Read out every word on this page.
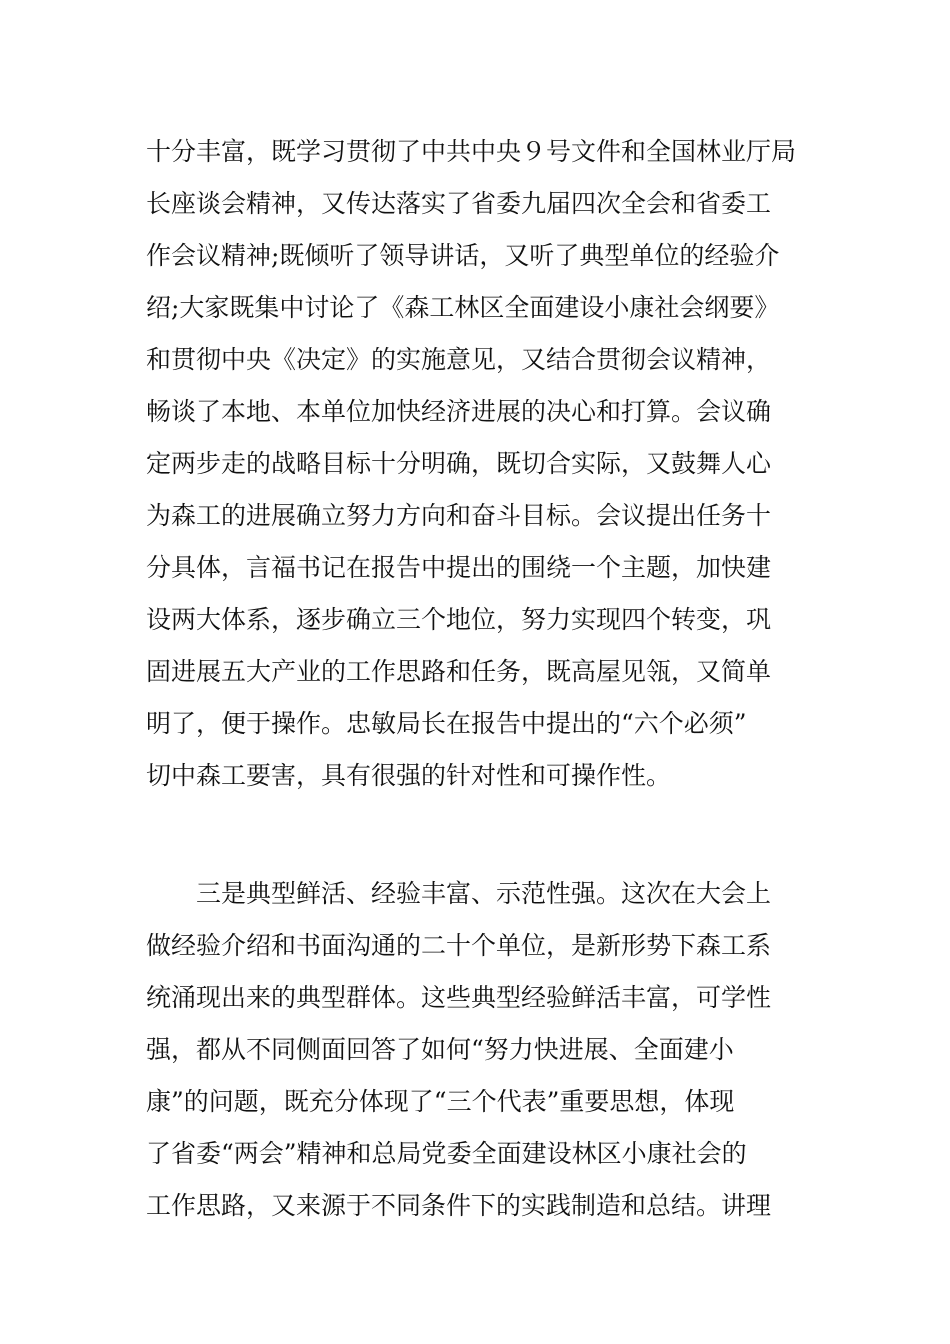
十分丰富，既学习贯彻了中共中央９号文件和全国林业厅局
长座谈会精神，又传达落实了省委九届四次全会和省委工
作会议精神;既倾听了领导讲话，又听了典型单位的经验介
绍;大家既集中讨论了《森工林区全面建设小康社会纲要》
和贯彻中央《决定》的实施意见，又结合贯彻会议精神，
畅谈了本地、本单位加快经济进展的决心和打算。会议确
定两步走的战略目标十分明确，既切合实际，又鼓舞人心
为森工的进展确立努力方向和奋斗目标。会议提出任务十
分具体，言福书记在报告中提出的围绕一个主题，加快建
设两大体系，逐步确立三个地位，努力实现四个转变，巩
固进展五大产业的工作思路和任务，既高屋见瓴，又简单
明了，便于操作。忠敏局长在报告中提出的“六个必须”
切中森工要害，具有很强的针对性和可操作性。
　　三是典型鲜活、经验丰富、示范性强。这次在大会上
做经验介绍和书面沟通的二十个单位，是新形势下森工系
统涌现出来的典型群体。这些典型经验鲜活丰富，可学性
强，都从不同侧面回答了如何“努力快进展、全面建小
康”的问题，既充分体现了“三个代表”重要思想，体现
了省委“两会”精神和总局党委全面建设林区小康社会的
工作思路，又来源于不同条件下的实践制造和总结。讲理
